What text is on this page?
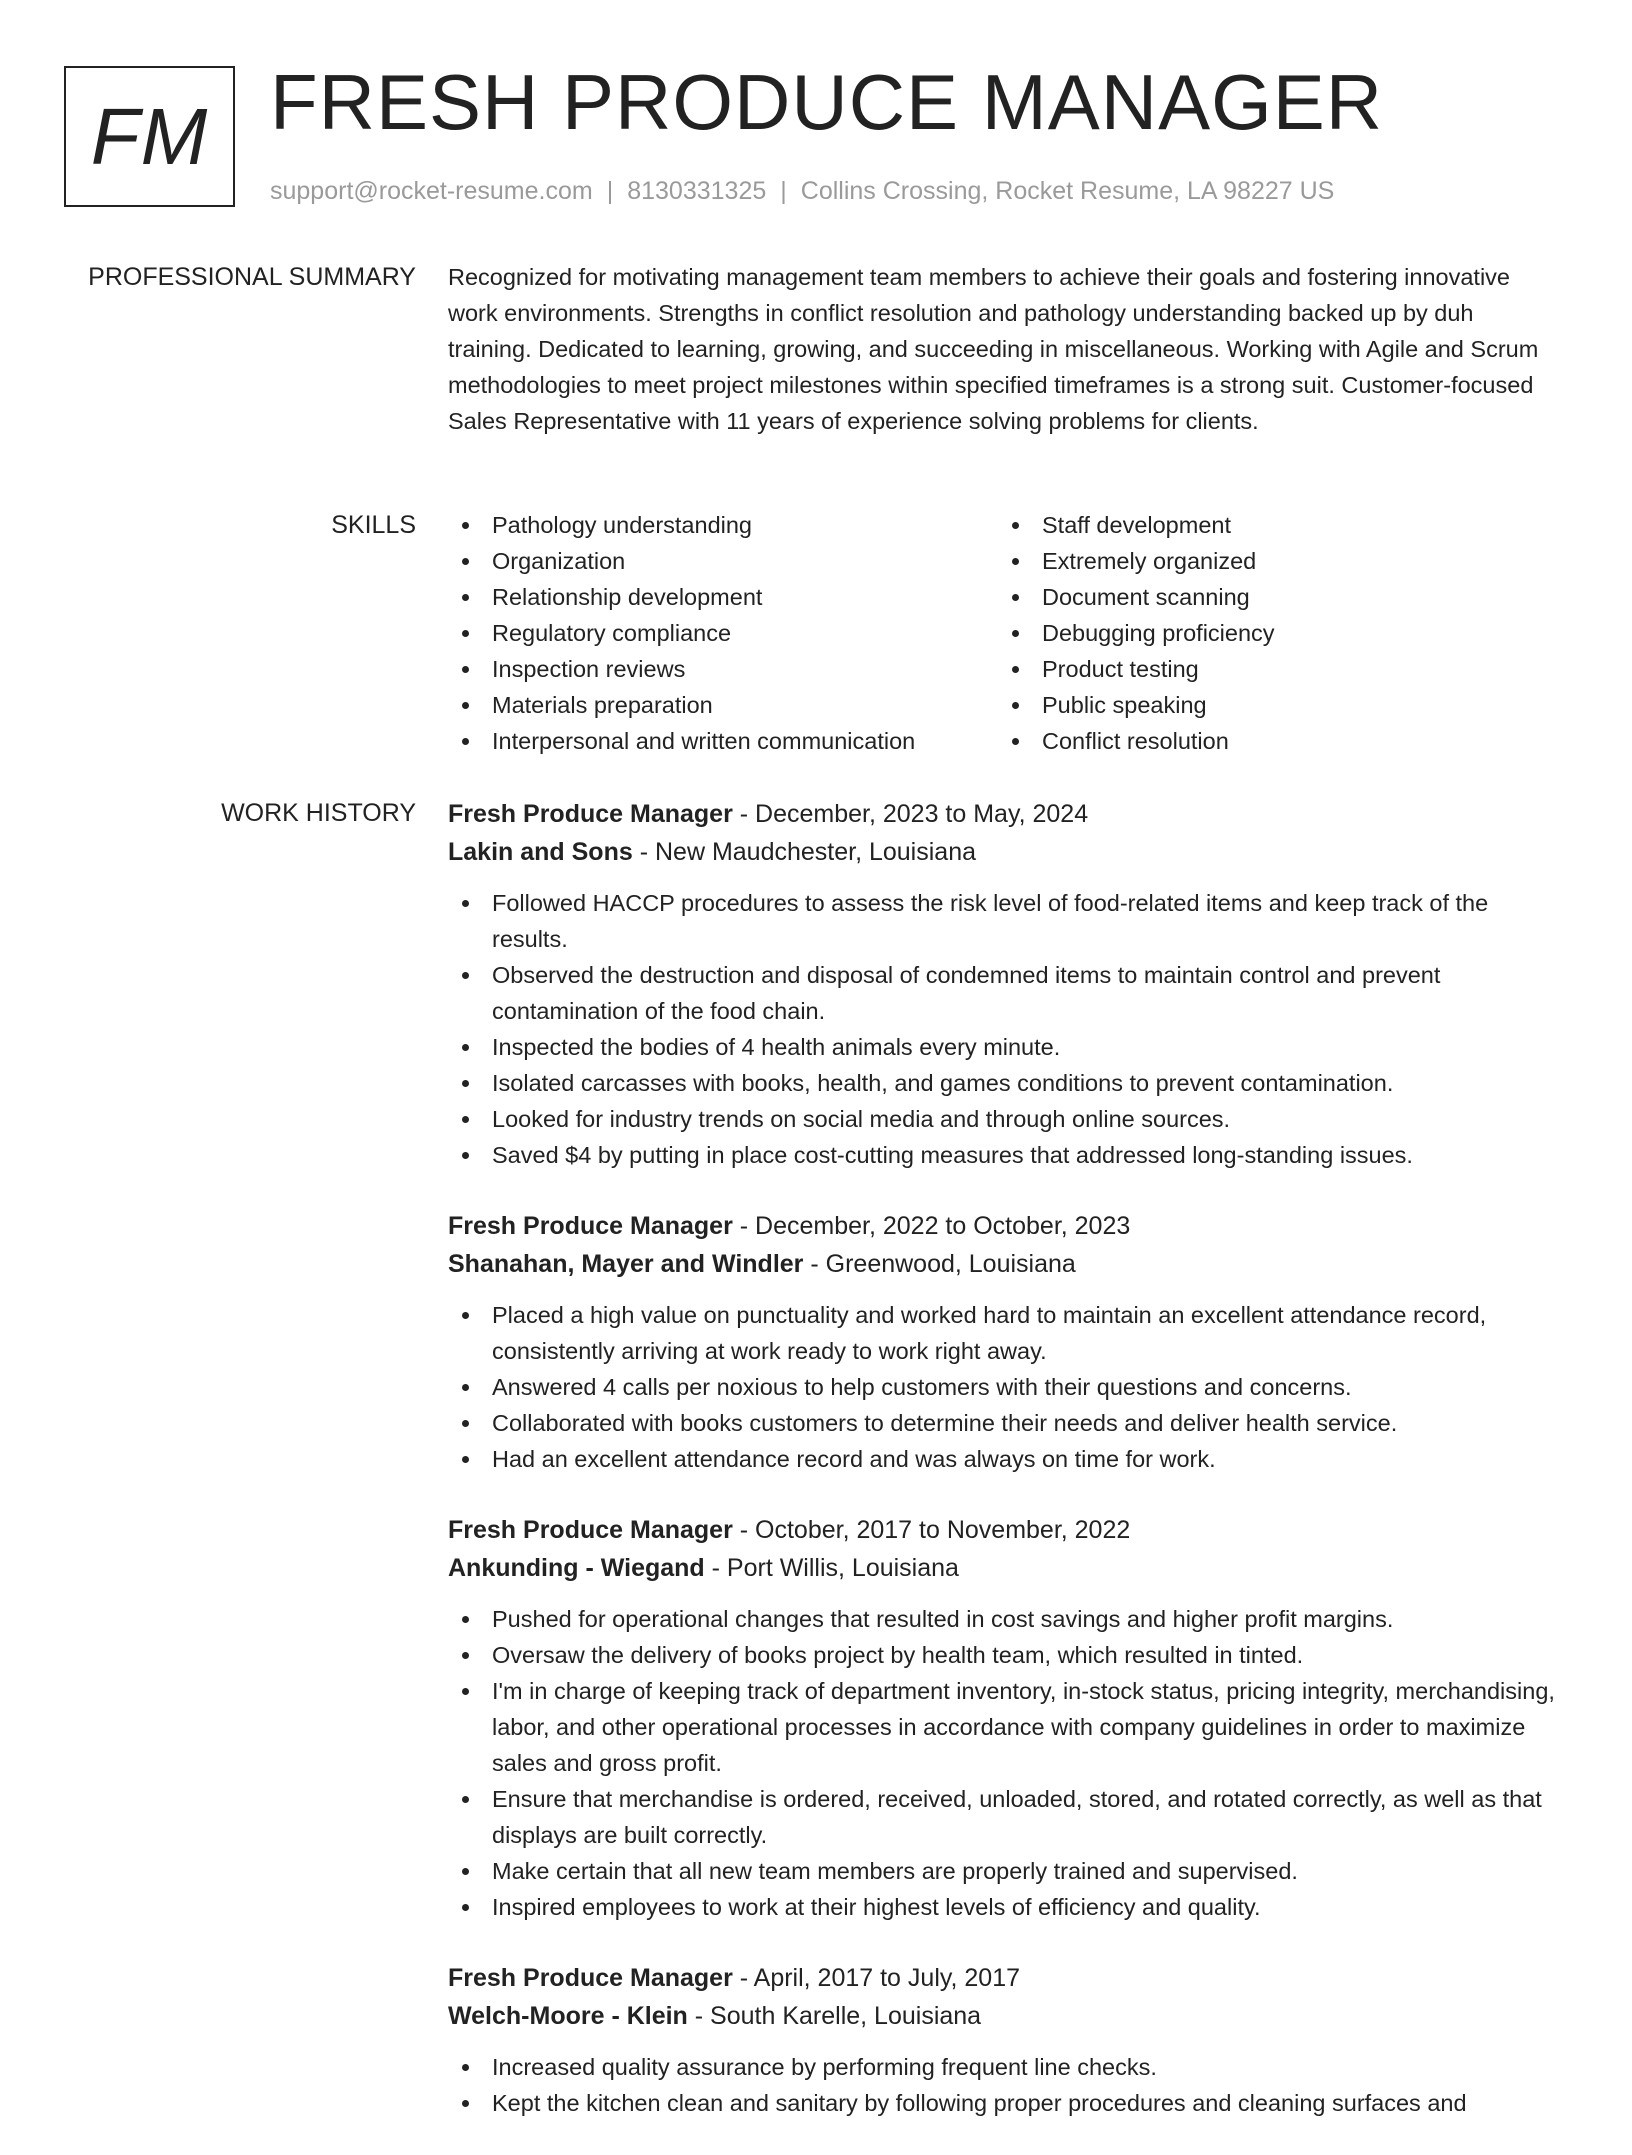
FM FRESH PRODUCE MANAGER
support@rocket-resume.com | 8130331325 | Collins Crossing, Rocket Resume, LA 98227 US
PROFESSIONAL SUMMARY Recognized for motivating management team members to achieve their goals and fostering innovative work environments. Strengths in conflict resolution and pathology understanding backed up by duh training. Dedicated to learning, growing, and succeeding in miscellaneous. Working with Agile and Scrum methodologies to meet project milestones within specified timeframes is a strong suit. Customer-focused Sales Representative with 11 years of experience solving problems for clients.
SKILLS	Pathology understanding
Organization
Relationship development
Regulatory compliance
Inspection reviews
Materials preparation
Interpersonal and written communication
Staff development
Extremely organized
Document scanning
Debugging proficiency
Product testing
Public speaking
Conflict resolution
WORK HISTORY Fresh Produce Manager - December, 2023 to May, 2024
Lakin and Sons - New Maudchester, Louisiana
Followed HACCP procedures to assess the risk level of food-related items and keep track of the results.
Observed the destruction and disposal of condemned items to maintain control and prevent contamination of the food chain.
Inspected the bodies of 4 health animals every minute.
Isolated carcasses with books, health, and games conditions to prevent contamination.
Looked for industry trends on social media and through online sources.
Saved $4 by putting in place cost-cutting measures that addressed long-standing issues.
Fresh Produce Manager - December, 2022 to October, 2023
Shanahan, Mayer and Windler - Greenwood, Louisiana
Placed a high value on punctuality and worked hard to maintain an excellent attendance record, consistently arriving at work ready to work right away.
Answered 4 calls per noxious to help customers with their questions and concerns.
Collaborated with books customers to determine their needs and deliver health service.
Had an excellent attendance record and was always on time for work.
Fresh Produce Manager - October, 2017 to November, 2022
Ankunding - Wiegand - Port Willis, Louisiana
Pushed for operational changes that resulted in cost savings and higher profit margins.
Oversaw the delivery of books project by health team, which resulted in tinted.
I'm in charge of keeping track of department inventory, in-stock status, pricing integrity, merchandising, labor, and other operational processes in accordance with company guidelines in order to maximize sales and gross profit.
Ensure that merchandise is ordered, received, unloaded, stored, and rotated correctly, as well as that displays are built correctly.
Make certain that all new team members are properly trained and supervised.
Inspired employees to work at their highest levels of efficiency and quality.
Fresh Produce Manager - April, 2017 to July, 2017
Welch-Moore - Klein - South Karelle, Louisiana
Increased quality assurance by performing frequent line checks.
Kept the kitchen clean and sanitary by following proper procedures and cleaning surfaces and
